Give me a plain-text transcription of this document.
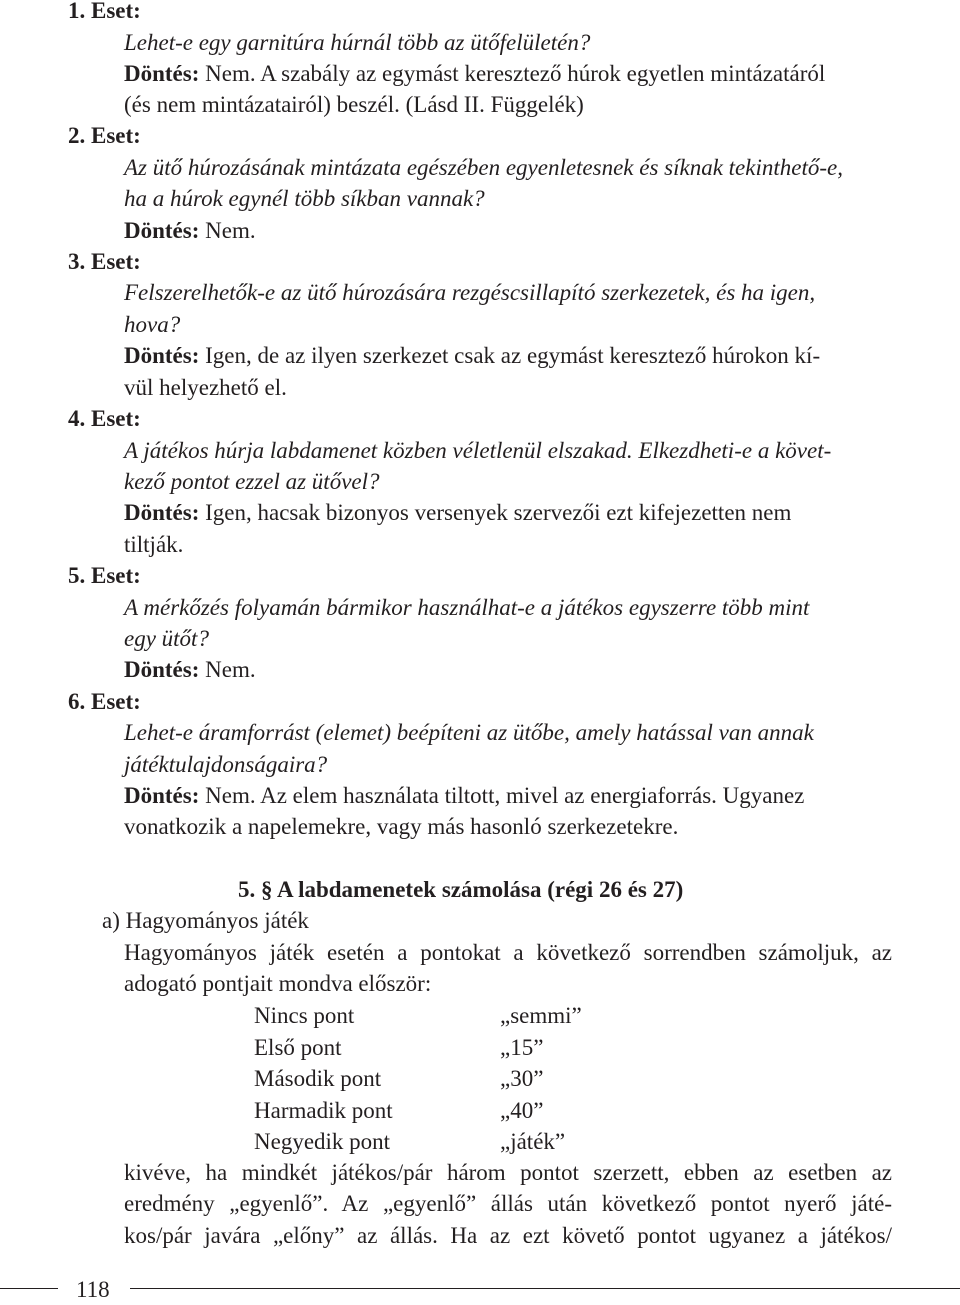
1. Eset:
Lehet-e egy garnitúra húrnál több az ütőfelületén?
Döntés: Nem. A szabály az egymást keresztező húrok egyetlen mintázatáról
(és nem mintázatairól) beszél. (Lásd II. Függelék)
2. Eset:
Az ütő húrozásának mintázata egészében egyenletesnek és síknak tekinthető-e,
ha a húrok egynél több síkban vannak?
Döntés: Nem.
3. Eset:
Felszerelhetők-e az ütő húrozására rezgéscsillapító szerkezetek, és ha igen,
hova?
Döntés: Igen, de az ilyen szerkezet csak az egymást keresztező húrokon kí-
vül helyezhető el.
4. Eset:
A játékos húrja labdamenet közben véletlenül elszakad. Elkezdheti-e a követ-
kező pontot ezzel az ütővel?
Döntés: Igen, hacsak bizonyos versenyek szervezői ezt kifejezetten nem
tiltják.
5. Eset:
A mérkőzés folyamán bármikor használhat-e a játékos egyszerre több mint
egy ütőt?
Döntés: Nem.
6. Eset:
Lehet-e áramforrást (elemet) beépíteni az ütőbe, amely hatással van annak
játéktulajdonságaira?
Döntés: Nem. Az elem használata tiltott, mivel az energiaforrás. Ugyanez
vonatkozik a napelemekre, vagy más hasonló szerkezetekre.
5. § A labdamenetek számolása (régi 26 és 27)
a) Hagyományos játék
Hagyományos játék esetén a pontokat a következő sorrendben számoljuk, az
adogató pontjait mondva először:
Nincs pont	„semmi”
Első pont	„15”
Második pont	„30”
Harmadik pont	„40”
Negyedik pont	„játék”
kivéve, ha mindkét játékos/pár három pontot szerzett, ebben az esetben az
eredmény „egyenlő”. Az „egyenlő” állás után következő pontot nyerő játé-
kos/pár javára „előny” az állás. Ha az ezt követő pontot ugyanez a játékos/
118
